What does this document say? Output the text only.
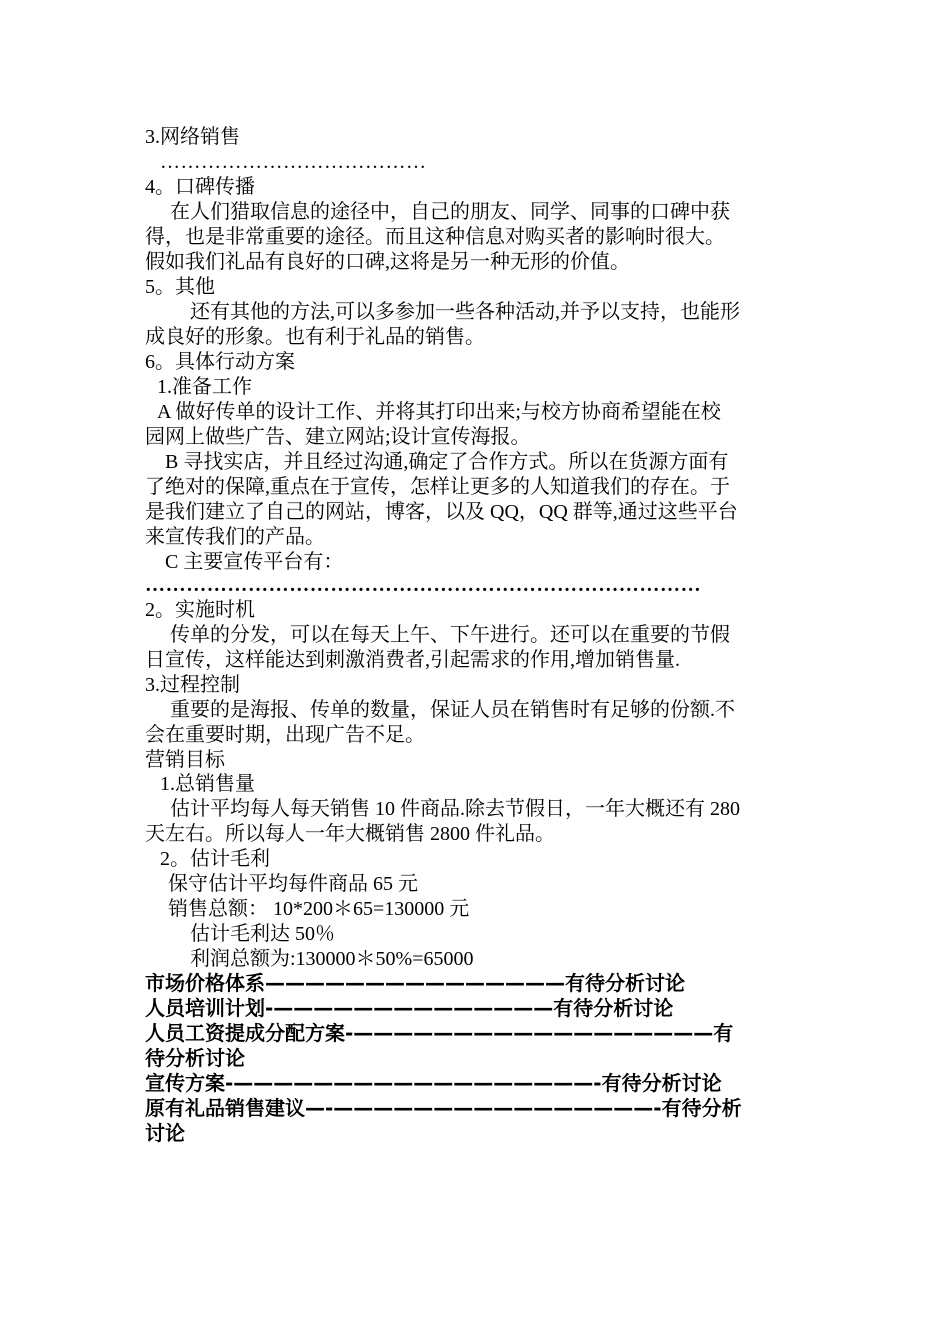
3.网络销售
…………………………………
4。口碑传播
在人们猎取信息的途径中，自己的朋友、同学、同事的口碑中获
得，也是非常重要的途径。而且这种信息对购买者的影响时很大。
假如我们礼品有良好的口碑,这将是另一种无形的价值。
5。其他
还有其他的方法,可以多参加一些各种活动,并予以支持，也能形
成良好的形象。也有利于礼品的销售。
6。具体行动方案
1.准备工作
A 做好传单的设计工作、并将其打印出来;与校方协商希望能在校
园网上做些广告、建立网站;设计宣传海报。
B 寻找实店，并且经过沟通,确定了合作方式。所以在货源方面有
了绝对的保障,重点在于宣传，怎样让更多的人知道我们的存在。于
是我们建立了自己的网站，博客，以及 QQ，QQ 群等,通过这些平台
来宣传我们的产品。
C 主要宣传平台有：
………………………………………………………………………
2。实施时机
传单的分发，可以在每天上午、下午进行。还可以在重要的节假
日宣传，这样能达到刺激消费者,引起需求的作用,增加销售量.
3.过程控制
重要的是海报、传单的数量，保证人员在销售时有足够的份额.不
会在重要时期，出现广告不足。
营销目标
1.总销售量
估计平均每人每天销售 10 件商品.除去节假日，一年大概还有 280
天左右。所以每人一年大概销售 2800 件礼品。
2。估计毛利
保守估计平均每件商品 65 元
销售总额： 10*200＊65=130000 元
估计毛利达 50％
利润总额为:130000＊50%=65000
市场价格体系———————————————有待分析讨论
人员培训计划-——————————————有待分析讨论
人员工资提成分配方案-——————————————————有
待分析讨论
宣传方案-——————————————————-有待分析讨论
原有礼品销售建议—-————————————————-有待分析
讨论
